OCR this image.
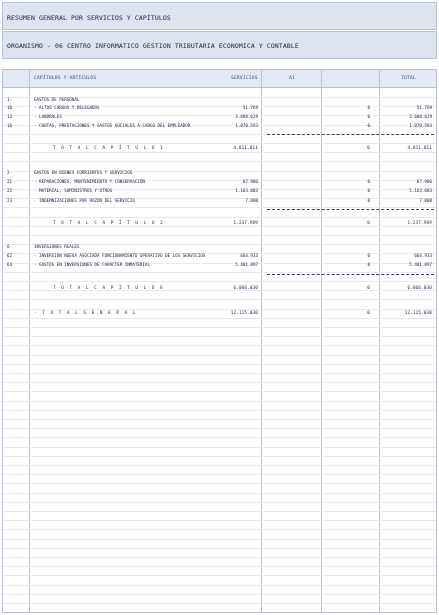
RESUMEN GENERAL POR SERVICIOS Y CAPÍTULOS
ORGANISMO - 06 CENTRO INFORMATICO GESTION TRIBUTARIA ECONOMICA Y CONTABLE
CAPÍTULOS Y ARTÍCULOS	SERVICIOS	A1	TOTAL
1-	GASTOS DE PERSONAL
10	- ALTOS CARGOS Y DELEGADOS	51.769	0	51.769
13	- LABORALES	3.688.629	0	3.688.629
16	- CUOTAS, PRESTACIONES Y GASTOS SOCIALES A CARGO DEL EMPLEADOR	1.070.593	0	1.070.593
T O T A L C A P Í T U L O 1	4.811.011	0	4.811.011
2-	GASTOS EN BIENES CORRIENTES Y SERVICIOS
21	- REPARACIONES, MANTENIMIENTO Y CONSERVACIÓN	67.906	0	67.906
22	- MATERIAL, SUMINISTROS Y OTROS	1.163.083	0	1.163.083
23	- INDEMNIZACIONES POR RAZÓN DEL SERVICIO	7.000	0	7.000
T O T A L C A P Í T U L O 2	1.237.989	0	1.237.989
6-	INVERSIONES REALES
62	- INVERSIÓN NUEVA ASOCIADA FUNCIONAMIENTO OPERATIVO DE LOS SERVICIOS	664.933	0	664.933
64	- GASTOS EN INVERSIONES DE CARÁCTER INMATERIAL	5.401.097	0	5.401.097
T O T A L C A P Í T U L O 6	6.066.030	0	6.066.030
- T O T A L G E N E R A L	12.115.030	0	12.115.030
